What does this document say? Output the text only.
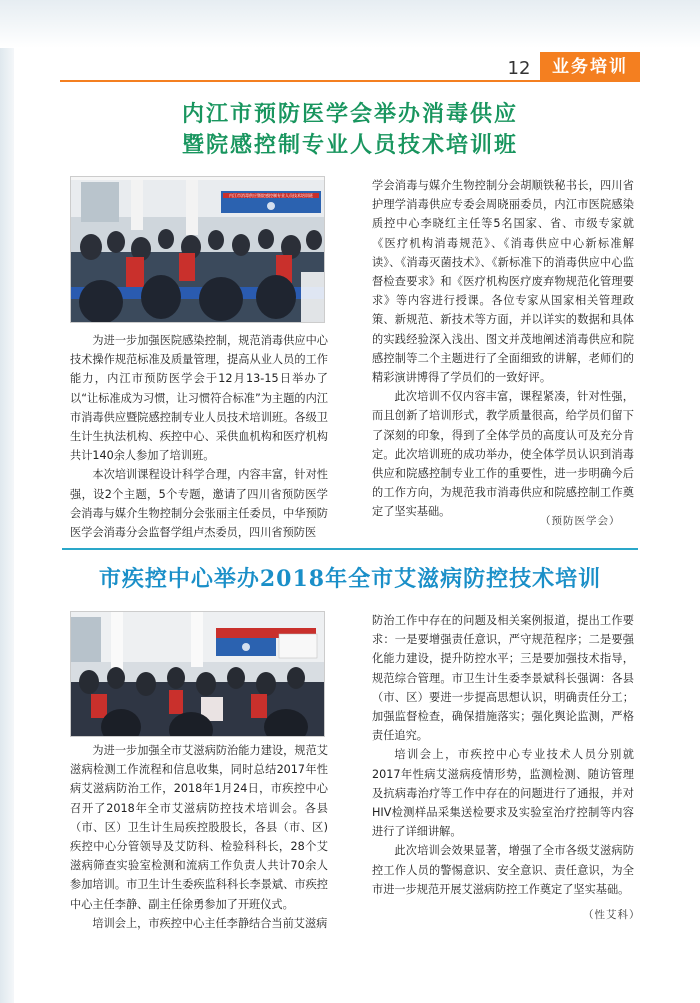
12	业务培训
内江市预防医学会举办消毒供应
暨院感控制专业人员技术培训班
内江市消毒供应暨院感控制专业人员技术培训班

为进一步加强医院感染控制，规范消毒供应中心技术操作规范标准及质量管理，提高从业人员的工作能力，内江市预防医学会于12月13-15日举办了以“让标准成为习惯，让习惯符合标准”为主题的内江市消毒供应暨院感控制专业人员技术培训班。各级卫生计生执法机构、疾控中心、采供血机构和医疗机构共计140余人参加了培训班。

本次培训课程设计科学合理，内容丰富，针对性强，设2个主题，5个专题，邀请了四川省预防医学会消毒与媒介生物控制分会张丽主任委员，中华预防医学会消毒分会监督学组卢杰委员，四川省预防医

学会消毒与媒介生物控制分会胡顺铁秘书长，四川省护理学消毒供应专委会周晓丽委员，内江市医院感染质控中心李晓红主任等5名国家、省、市级专家就《医疗机构消毒规范》、《消毒供应中心新标准解读》、《消毒灭菌技术》、《新标准下的消毒供应中心监督检查要求》和《医疗机构医疗废弃物规范化管理要求》等内容进行授课。各位专家从国家相关管理政策、新规范、新技术等方面，并以详实的数据和具体的实践经验深入浅出、图文并茂地阐述消毒供应和院感控制等二个主题进行了全面细致的讲解，老师们的精彩演讲博得了学员们的一致好评。

此次培训不仅内容丰富，课程紧凑，针对性强，而且创新了培训形式，教学质量很高，给学员们留下了深刻的印象，得到了全体学员的高度认可及充分肯定。此次培训班的成功举办，使全体学员认识到消毒供应和院感控制专业工作的重要性，进一步明确今后的工作方向，为规范我市消毒供应和院感控制工作奠定了坚实基础。

（预防医学会）
市疾控中心举办2018年全市艾滋病防控技术培训

为进一步加强全市艾滋病防治能力建设，规范艾滋病检测工作流程和信息收集，同时总结2017年性病艾滋病防治工作，2018年1月24日，市疾控中心召开了2018年全市艾滋病防控技术培训会。各县（市、区）卫生计生局疾控股股长，各县（市、区)疾控中心分管领导及艾防科、检验科科长，28个艾滋病筛查实验室检测和流病工作负责人共计70余人参加培训。市卫生计生委疾监科科长李景斌、市疾控中心主任李静、副主任徐勇参加了开班仪式。

培训会上，市疾控中心主任李静结合当前艾滋病

防治工作中存在的问题及相关案例报道，提出工作要求：一是要增强责任意识，严守规范程序；二是要强化能力建设，提升防控水平；三是要加强技术指导，规范综合管理。市卫生计生委李景斌科长强调：各县（市、区）要进一步提高思想认识，明确责任分工；加强监督检查，确保措施落实；强化舆论监测，严格责任追究。

培训会上，市疾控中心专业技术人员分别就2017年性病艾滋病疫情形势，监测检测、随访管理及抗病毒治疗等工作中存在的问题进行了通报，并对HIV检测样品采集送检要求及实验室治疗控制等内容进行了详细讲解。

此次培训会效果显著，增强了全市各级艾滋病防控工作人员的警惕意识、安全意识、责任意识，为全市进一步规范开展艾滋病防控工作奠定了坚实基础。

（性艾科）
